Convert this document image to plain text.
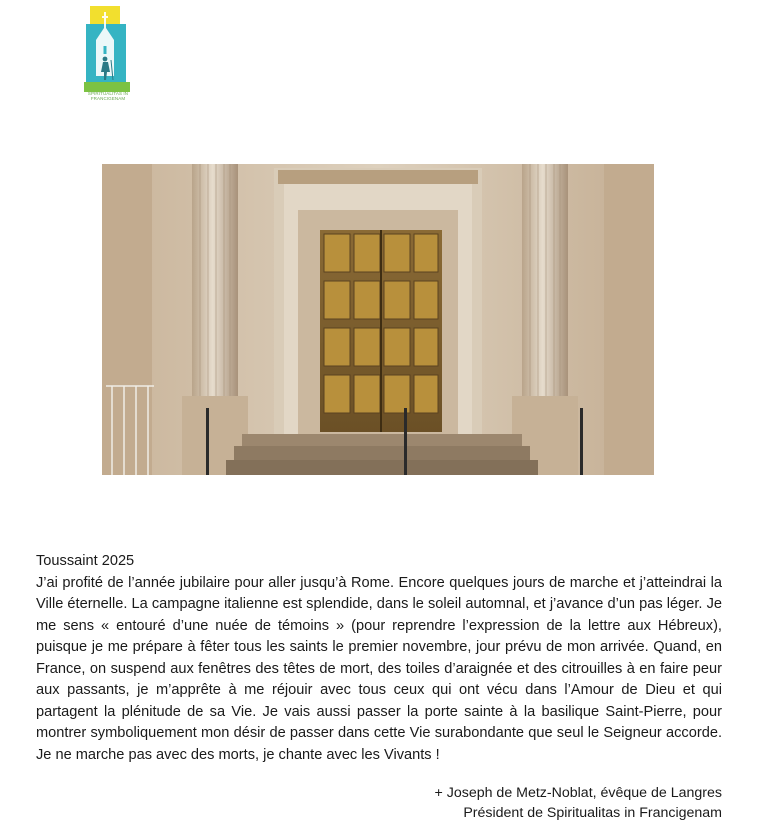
SPIRITUALITAS IN FRANCIGENAM

Toussaint 2025

J’ai profité de l’année jubilaire pour aller jusqu’à Rome. Encore quelques jours de marche et j’atteindrai la Ville éternelle. La campagne italienne est splendide, dans le soleil automnal, et j’avance d’un pas léger. Je me sens « entouré d’une nuée de témoins » (pour reprendre l’expression de la lettre aux Hébreux), puisque je me prépare à fêter tous les saints le premier novembre, jour prévu de mon arrivée. Quand, en France, on suspend aux fenêtres des têtes de mort, des toiles d’araignée et des citrouilles à en faire peur aux passants, je m’apprête à me réjouir avec tous ceux qui ont vécu dans l’Amour de Dieu et qui partagent la plénitude de sa Vie. Je vais aussi passer la porte sainte à la basilique Saint-Pierre, pour montrer symboliquement mon désir de passer dans cette Vie surabondante que seul le Seigneur accorde. Je ne marche pas avec des morts, je chante avec les Vivants !

+ Joseph de Metz-Noblat, évêque de Langres
Président de Spiritualitas in Francigenam
